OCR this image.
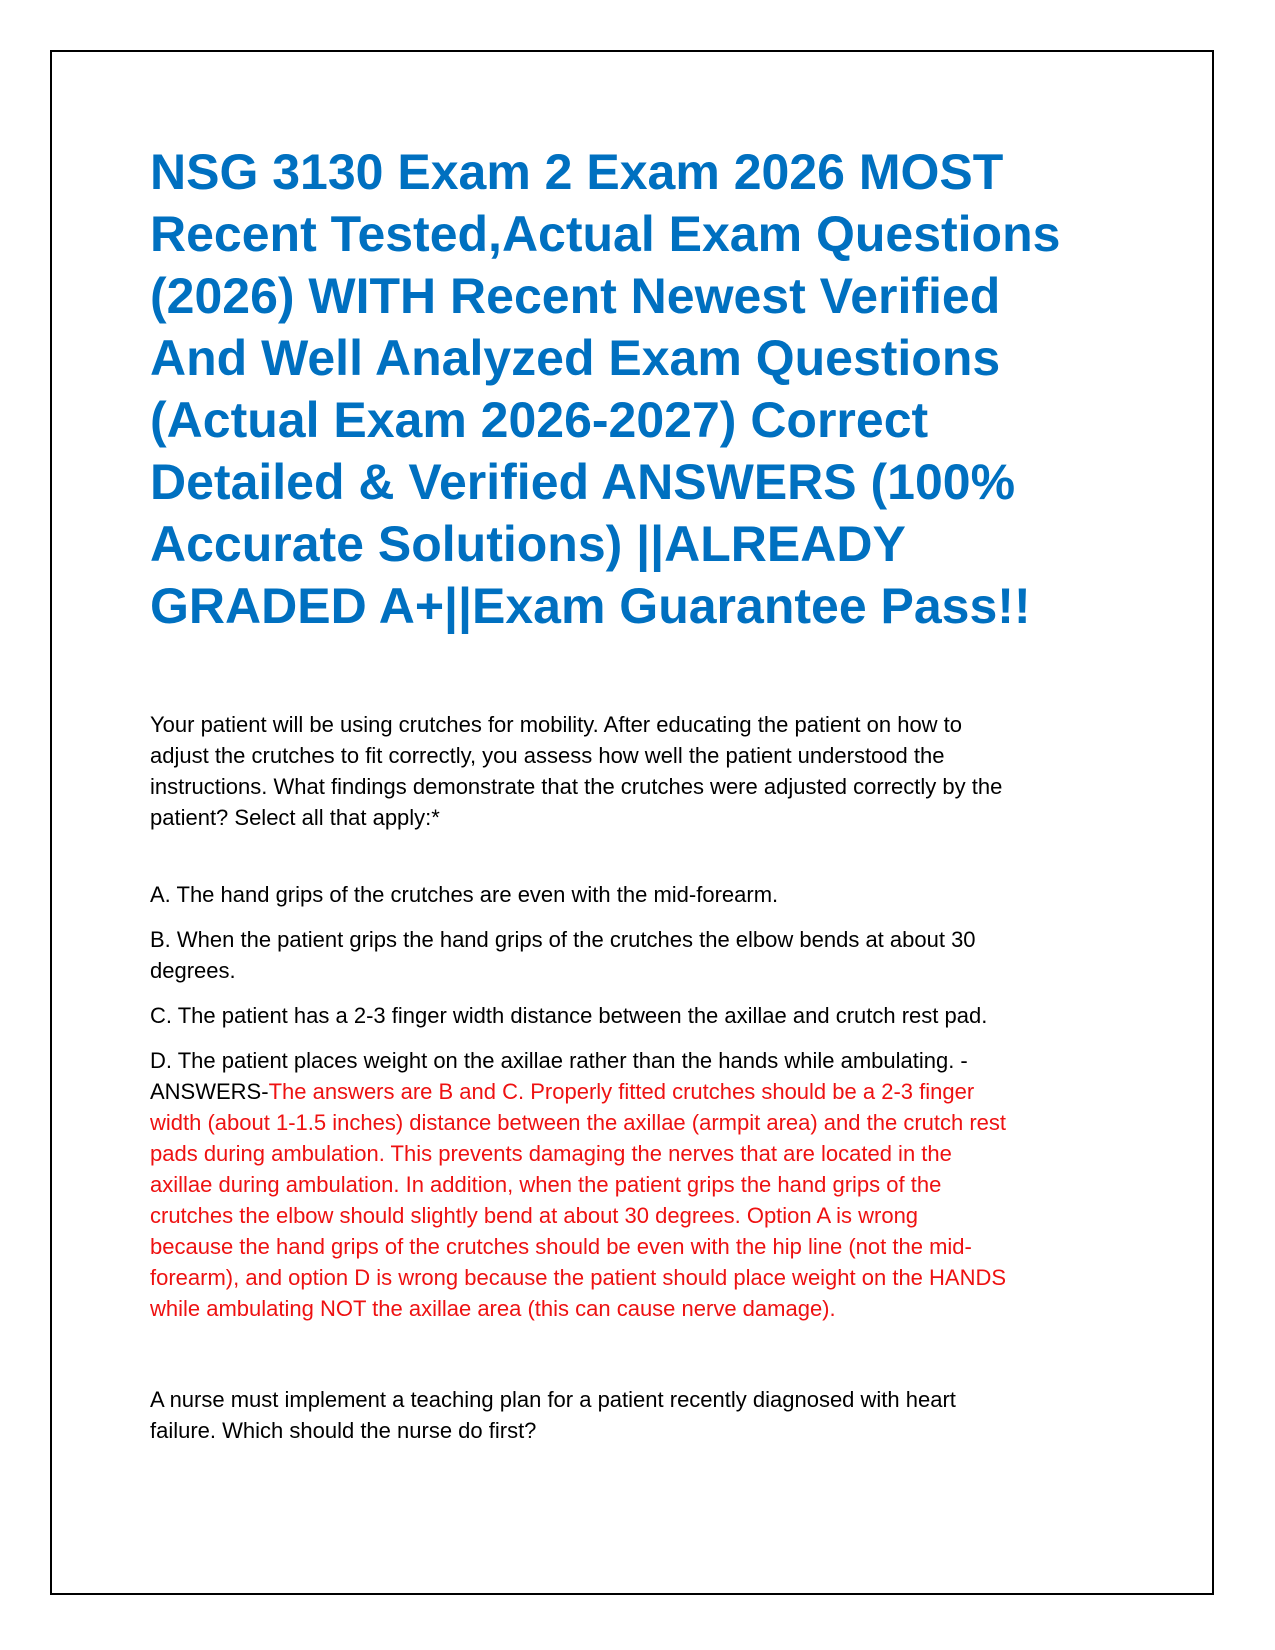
NSG 3130 Exam 2 Exam 2026 MOST
Recent Tested,Actual Exam Questions
(2026) WITH Recent Newest Verified
And Well Analyzed Exam Questions
(Actual Exam 2026-2027) Correct
Detailed & Verified ANSWERS (100%
Accurate Solutions) ||ALREADY
GRADED A+||Exam Guarantee Pass!!

Your patient will be using crutches for mobility. After educating the patient on how to
adjust the crutches to fit correctly, you assess how well the patient understood the
instructions. What findings demonstrate that the crutches were adjusted correctly by the
patient? Select all that apply:*

A. The hand grips of the crutches are even with the mid-forearm.

B. When the patient grips the hand grips of the crutches the elbow bends at about 30
degrees.

C. The patient has a 2-3 finger width distance between the axillae and crutch rest pad.

D. The patient places weight on the axillae rather than the hands while ambulating. -
ANSWERS-The answers are B and C. Properly fitted crutches should be a 2-3 finger
width (about 1-1.5 inches) distance between the axillae (armpit area) and the crutch rest
pads during ambulation. This prevents damaging the nerves that are located in the
axillae during ambulation. In addition, when the patient grips the hand grips of the
crutches the elbow should slightly bend at about 30 degrees. Option A is wrong
because the hand grips of the crutches should be even with the hip line (not the mid-
forearm), and option D is wrong because the patient should place weight on the HANDS
while ambulating NOT the axillae area (this can cause nerve damage).

A nurse must implement a teaching plan for a patient recently diagnosed with heart
failure. Which should the nurse do first?
